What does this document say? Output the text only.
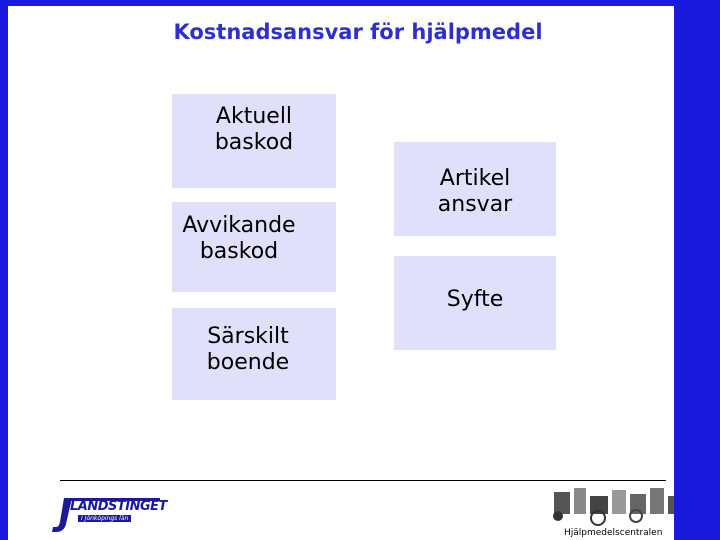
Kostnadsansvar för hjälpmedel
Aktuell
baskod
Avvikande
baskod
Särskilt
boende
Artikel
ansvar
Syfte
LANDSTINGET
I Jönköpings län
Hjälpmedelscentralen
